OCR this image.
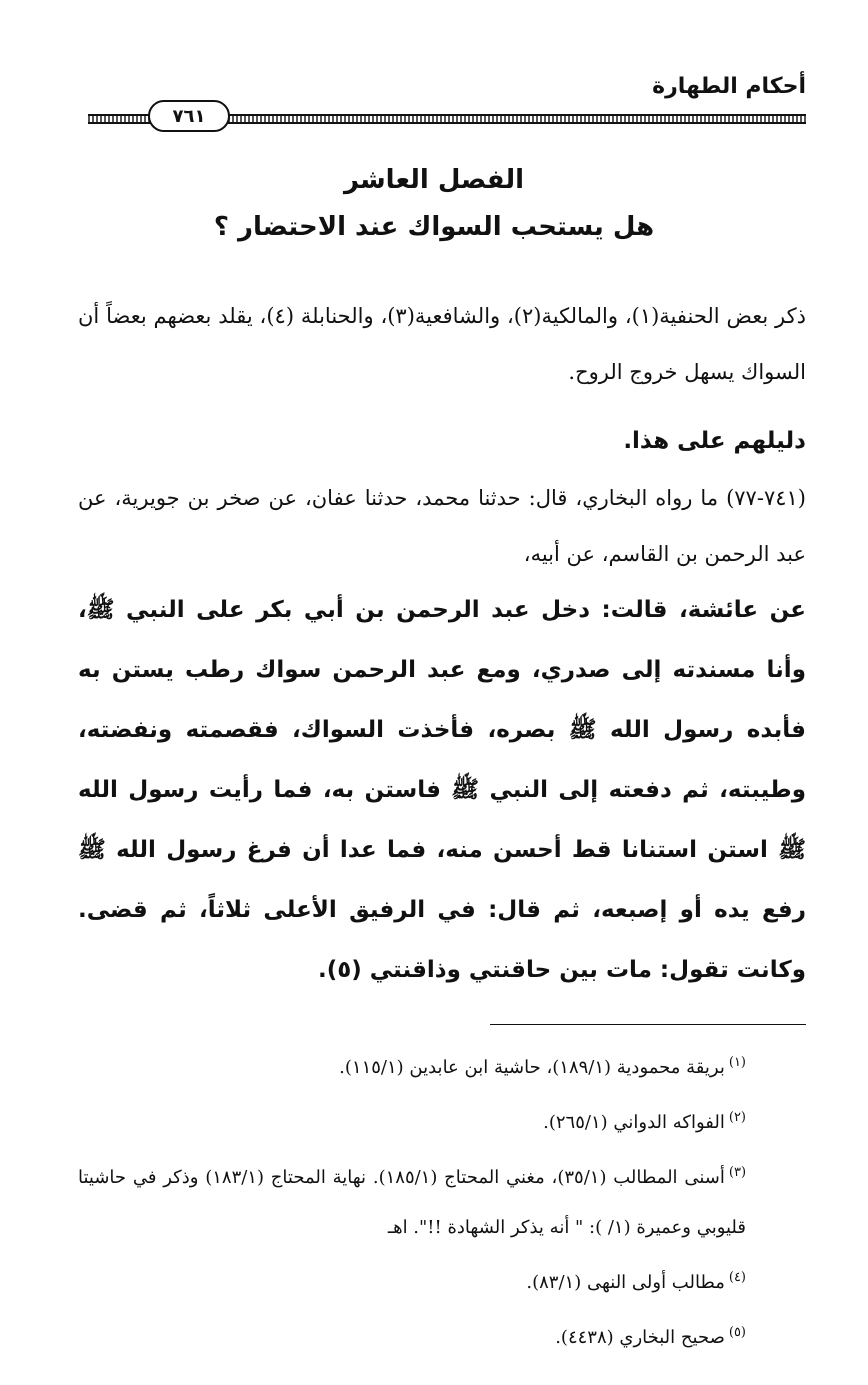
أحكام الطهارة
٧٦١
الفصل العاشر
هل يستحب السواك عند الاحتضار ؟
ذكر بعض الحنفية(١)، والمالكية(٢)، والشافعية(٣)، والحنابلة (٤)، يقلد بعضهم بعضاً أن السواك يسهل خروج الروح.
دليلهم على هذا.
(٧٤١-٧٧) ما رواه البخاري، قال: حدثنا محمد، حدثنا عفان، عن صخر بن جويرية، عن عبد الرحمن بن القاسم، عن أبيه،
عن عائشة، قالت: دخل عبد الرحمن بن أبي بكر على النبي ﷺ، وأنا مسندته إلى صدري، ومع عبد الرحمن سواك رطب يستن به فأبده رسول الله ﷺ بصره، فأخذت السواك، فقصمته ونفضته، وطيبته، ثم دفعته إلى النبي ﷺ فاستن به، فما رأيت رسول الله ﷺ استن استنانا قط أحسن منه، فما عدا أن فرغ رسول الله ﷺ رفع يده أو إصبعه، ثم قال: في الرفيق الأعلى ثلاثاً، ثم قضى. وكانت تقول: مات بين حاقنتي وذاقنتي (٥).
$^{(١)}$بريقة محمودية (١٨٩/١)، حاشية ابن عابدين (١١٥/١).
$^{(٢)}$الفواكه الدواني (٢٦٥/١).
$^{(٣)}$أسنى المطالب (٣٥/١)، مغني المحتاج (١٨٥/١). نهاية المحتاج (١٨٣/١) وذكر في حاشيتا قليوبي وعميرة (١/ ): " أنه يذكر الشهادة !!". اهـ
$^{(٤)}$مطالب أولى النهى (٨٣/١).
$^{(٥)}$صحيح البخاري (٤٤٣٨).
